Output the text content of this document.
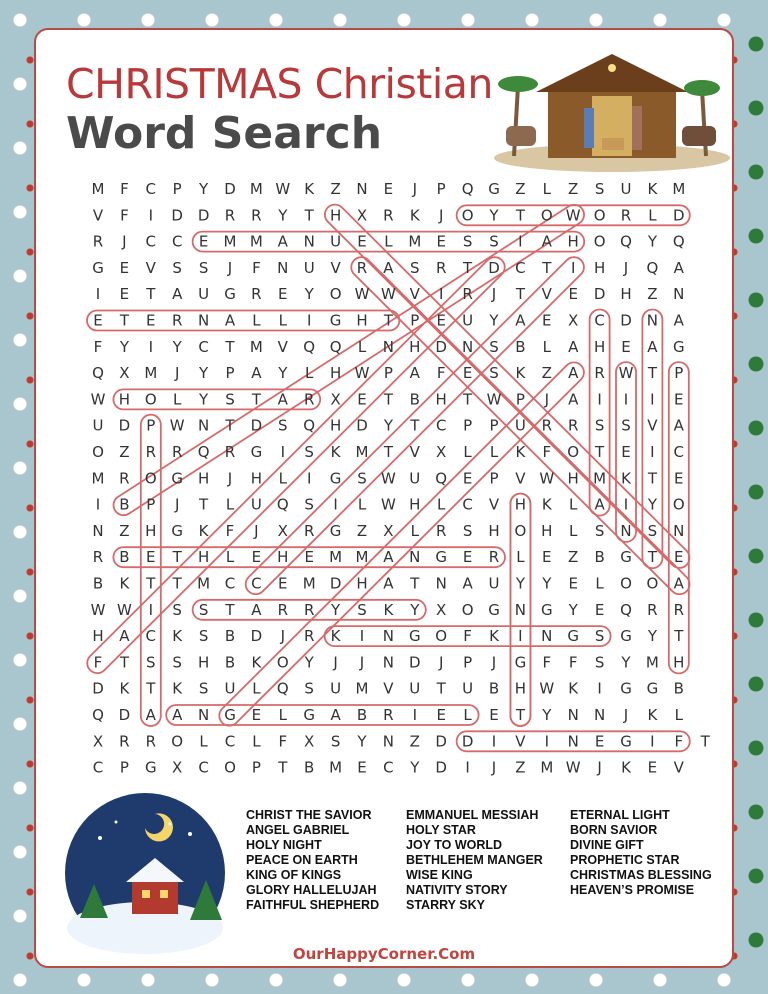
CHRISTMAS Christian
Word Search
M F C P Y D M W K Z N E J P Q G Z L Z S U K M
V F I D D R R Y T H X R K J O Y T O W O R L D
R J C C E M M A N U E L M E S S I A H O Q Y Q
G E V S S J F N U V R A S R T D C T I H J Q A
I E T A U G R E Y O W W V I R J T V E D H Z N
E T E R N A L L I G H T P E U Y A E X C D N A
F Y I Y C T M V Q Q L N H D N S B L A H E A G
Q X M J Y P A Y L H W P A F E S K Z A R W T P
W H O L Y S T A R X E T B H T W P J A I I I E
U D P W N T D S Q H D Y T C P P U R R S S V A
O Z R R Q R G I S K M T V X L L K F O T E I C
M R O G H J H L I G S W U Q E P V W H M K T E
I B P J T L U Q S I L W H L C V H K L A I Y O
N Z H G K F J X R G Z X L R S H O H L S N S N
R B E T H L E H E M M A N G E R L E Z B G T E
B K T T M C C E M D H A T N A U Y Y E L O O A
W W I S S T A R R Y S K Y X O G N G Y E Q R R
H A C K S B D J R K I N G O F K I N G S G Y T
F T S S H B K O Y J J N D J P J G F F S Y M H
D K T K S U L Q S U M V U T U B H W K I G G B
Q D A A N G E L G A B R I E L E T Y N N J K L
X R R O L C L F X S Y N Z D D I V I N E G I F T
C P G X C O P T B M E C Y D I J Z M W J K E V
CHRIST THE SAVIOR
ANGEL GABRIEL
HOLY NIGHT
PEACE ON EARTH
KING OF KINGS
GLORY HALLELUJAH
FAITHFUL SHEPHERD
EMMANUEL MESSIAH
HOLY STAR
JOY TO WORLD
BETHLEHEM MANGER
WISE KING
NATIVITY STORY
STARRY SKY
ETERNAL LIGHT
BORN SAVIOR
DIVINE GIFT
PROPHETIC STAR
CHRISTMAS BLESSING
HEAVEN’S PROMISE
OurHappyCorner.Com
